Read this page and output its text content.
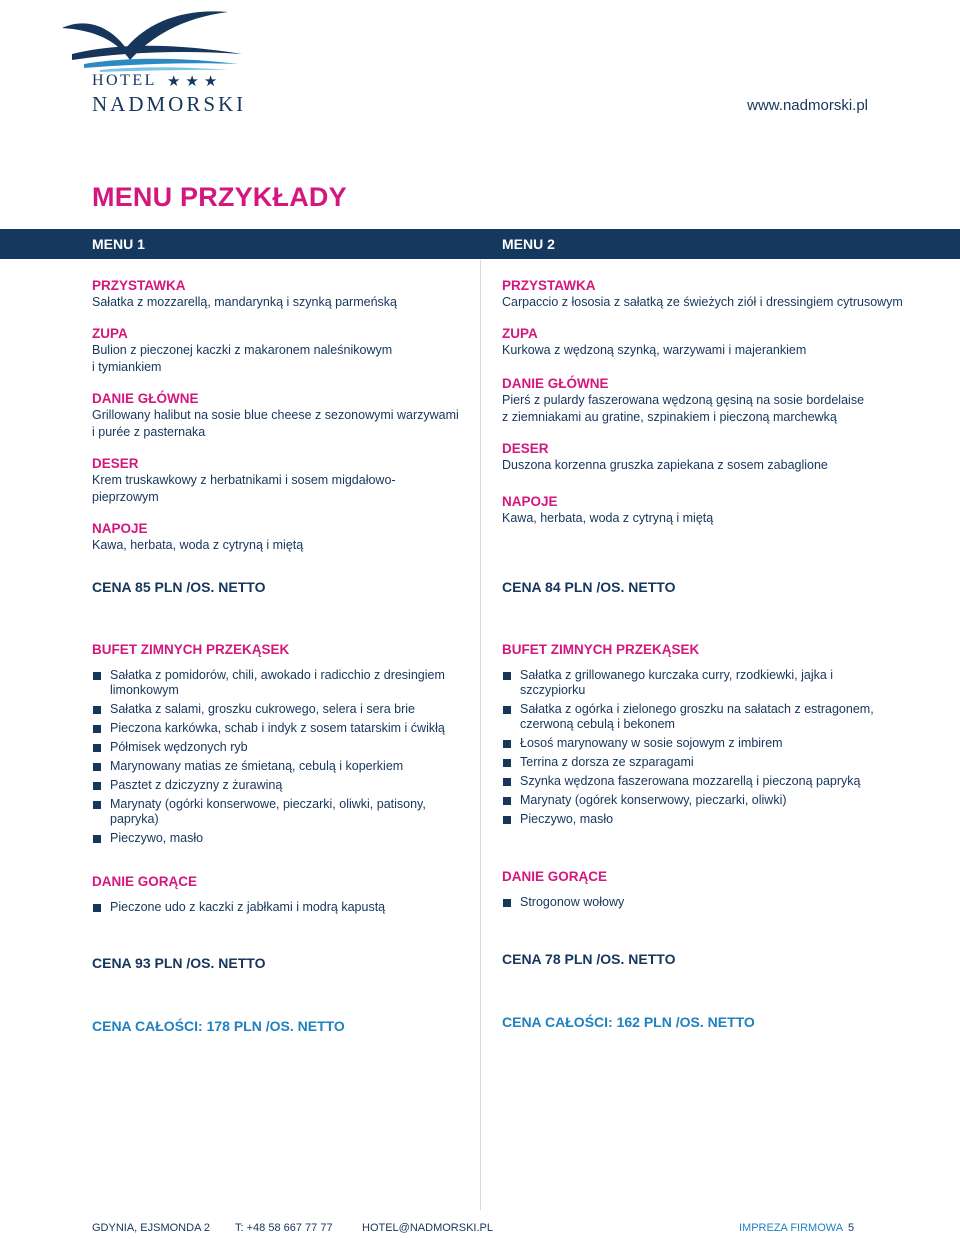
HOTEL ★★★
NADMORSKI	www.nadmorski.pl
MENU PRZYKŁADY
MENU 1	MENU 2
PRZYSTAWKA
Sałatka z mozzarellą, mandarynką i szynką parmeńską
ZUPA
Bulion z pieczonej kaczki z makaronem naleśnikowym
i tymiankiem
DANIE GŁÓWNE
Grillowany halibut na sosie blue cheese z sezonowymi warzywami
i purée z pasternaka
DESER
Krem truskawkowy z herbatnikami i sosem migdałowo-
pieprzowym
NAPOJE
Kawa, herbata, woda z cytryną i miętą
CENA 85 PLN /OS. NETTO
PRZYSTAWKA
Carpaccio z łososia z sałatką ze świeżych ziół i dressingiem cytrusowym
ZUPA
Kurkowa z wędzoną szynką, warzywami i majerankiem
DANIE GŁÓWNE
Pierś z pulardy faszerowana wędzoną gęsiną na sosie bordelaise
z ziemniakami au gratine, szpinakiem i pieczoną marchewką
DESER
Duszona korzenna gruszka zapiekana z sosem zabaglione
NAPOJE
Kawa, herbata, woda z cytryną i miętą
CENA 84 PLN /OS. NETTO
BUFET ZIMNYCH PRZEKĄSEK
Sałatka z pomidorów, chili, awokado i radicchio z dresingiem limonkowym
Sałatka z salami, groszku cukrowego, selera i sera brie
Pieczona karkówka, schab i indyk z sosem tatarskim i ćwikłą
Półmisek wędzonych ryb
Marynowany matias ze śmietaną, cebulą i koperkiem
Pasztet z dziczyzny z żurawiną
Marynaty (ogórki konserwowe, pieczarki, oliwki, patisony, papryka)
Pieczywo, masło
BUFET ZIMNYCH PRZEKĄSEK
Sałatka z grillowanego kurczaka curry, rzodkiewki, jajka i szczypiorku
Sałatka z ogórka i zielonego groszku na sałatach z estragonem, czerwoną cebulą i bekonem
Łosoś marynowany w sosie sojowym z imbirem
Terrina z dorsza ze szparagami
Szynka wędzona faszerowana mozzarellą i pieczoną papryką
Marynaty (ogórek konserwowy, pieczarki, oliwki)
Pieczywo, masło
DANIE GORĄCE
Pieczone udo z kaczki z jabłkami i modrą kapustą
DANIE GORĄCE
Strogonow wołowy
CENA 93 PLN /OS. NETTO	CENA 78 PLN /OS. NETTO
CENA CAŁOŚCI: 178 PLN /OS. NETTO	CENA CAŁOŚCI: 162 PLN /OS. NETTO
GDYNIA, EJSMONDA 2 T: +48 58 667 77 77	HOTEL@NADMORSKI.PL	IMPREZA FIRMOWA 5
